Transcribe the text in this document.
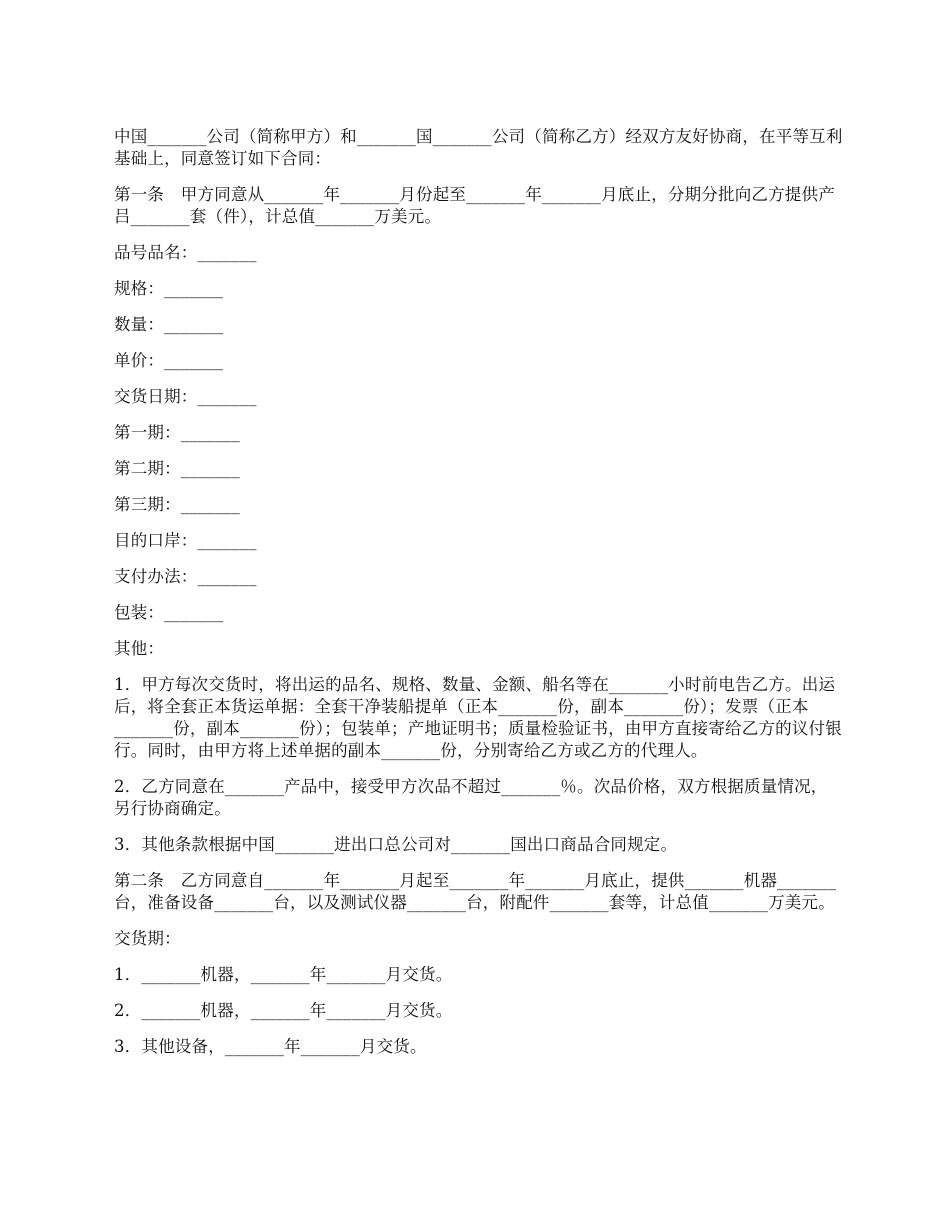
中国_______公司（简称甲方）和_______国_______公司（简称乙方）经双方友好协商，在平等互利基础上，同意签订如下合同：

第一条　甲方同意从_______年_______月份起至_______年_______月底止，分期分批向乙方提供产吕_______套（件），计总值_______万美元。

品号品名：_______

规格：_______

数量：_______

单价：_______

交货日期：_______

第一期：_______

第二期：_______

第三期：_______

目的口岸：_______

支付办法：_______

包装：_______

其他：

1．甲方每次交货时，将出运的品名、规格、数量、金额、船名等在_______小时前电告乙方。出运后，将全套正本货运单据：全套干净装船提单（正本_______份，副本_______份）；发票（正本_______份，副本_______份）；包装单；产地证明书；质量检验证书，由甲方直接寄给乙方的议付银行。同时，由甲方将上述单据的副本_______份，分别寄给乙方或乙方的代理人。

2．乙方同意在_______产品中，接受甲方次品不超过_______％。次品价格，双方根据质量情况，另行协商确定。

3．其他条款根据中国_______进出口总公司对_______国出口商品合同规定。

第二条　乙方同意自_______年_______月起至_______年_______月底止，提供_______机器_______台，准备设备_______台，以及测试仪器_______台，附配件_______套等，计总值_______万美元。

交货期：

1．_______机器，_______年_______月交货。

2．_______机器，_______年_______月交货。

3．其他设备，_______年_______月交货。
